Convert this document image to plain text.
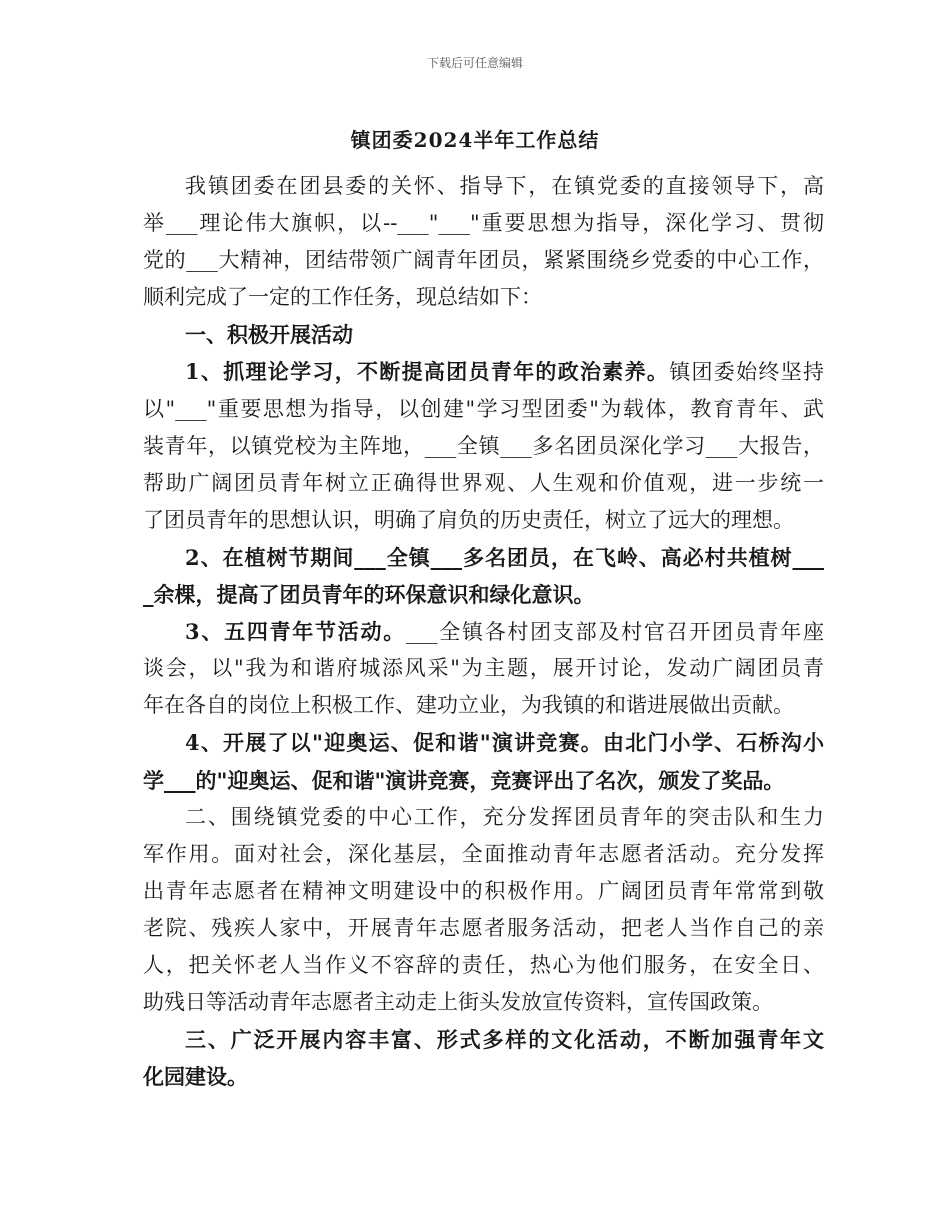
下载后可任意编辑
镇团委2024半年工作总结
我镇团委在团县委的关怀、指导下，在镇党委的直接领导下，高
举___理论伟大旗帜，以--___"___"重要思想为指导，深化学习、贯彻
党的___大精神，团结带领广阔青年团员，紧紧围绕乡党委的中心工作，
顺利完成了一定的工作任务，现总结如下：
一、积极开展活动
1、抓理论学习，不断提高团员青年的政治素养。镇团委始终坚持
以"___"重要思想为指导，以创建"学习型团委"为载体，教育青年、武
装青年，以镇党校为主阵地，___全镇___多名团员深化学习___大报告，
帮助广阔团员青年树立正确得世界观、人生观和价值观，进一步统一
了团员青年的思想认识，明确了肩负的历史责任，树立了远大的理想。
2、在植树节期间___全镇___多名团员，在飞岭、高必村共植树___
_余棵，提高了团员青年的环保意识和绿化意识。
3、五四青年节活动。___全镇各村团支部及村官召开团员青年座
谈会，以"我为和谐府城添风采"为主题，展开讨论，发动广阔团员青
年在各自的岗位上积极工作、建功立业，为我镇的和谐进展做出贡献。
4、开展了以"迎奥运、促和谐"演讲竞赛。由北门小学、石桥沟小
学___的"迎奥运、促和谐"演讲竞赛，竞赛评出了名次，颁发了奖品。
二、围绕镇党委的中心工作，充分发挥团员青年的突击队和生力
军作用。面对社会，深化基层，全面推动青年志愿者活动。充分发挥
出青年志愿者在精神文明建设中的积极作用。广阔团员青年常常到敬
老院、残疾人家中，开展青年志愿者服务活动，把老人当作自己的亲
人，把关怀老人当作义不容辞的责任，热心为他们服务，在安全日、
助残日等活动青年志愿者主动走上街头发放宣传资料，宣传国政策。
三、广泛开展内容丰富、形式多样的文化活动，不断加强青年文
化园建设。
